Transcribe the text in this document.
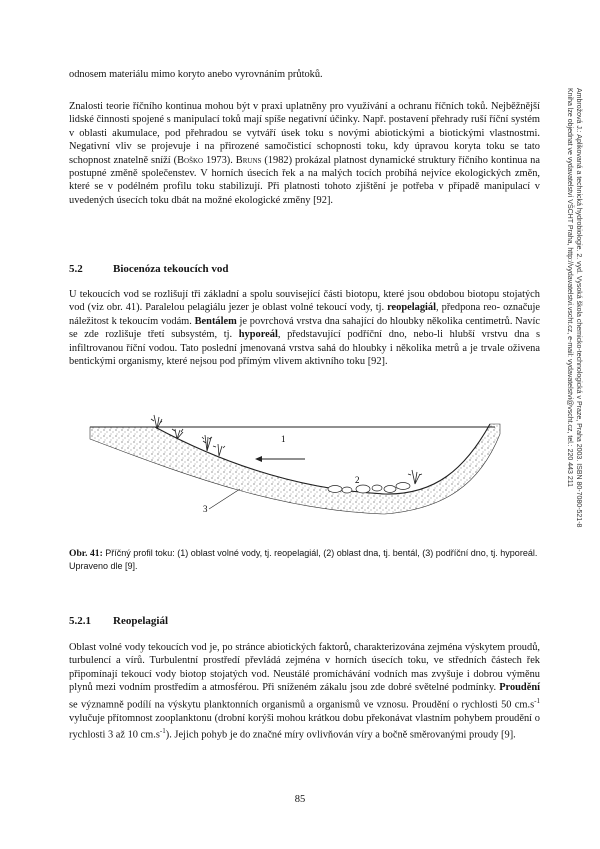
Ambrožová J.: Aplikovaná a technická hydrobiologie. 2. vyd. Vysoká škola chemicko-technologická v Praze, Praha 2003. ISBN 80-7080-521-8
Kniha lze objednat ve vydavatelství VŠCHT Praha, http://vydavatelstvi.vscht.cz, e-mail: vydavatelstvi@vscht.cz, tel.: 220 443 211

odnosem materiálu mimo koryto anebo vyrovnáním průtoků.

Znalosti teorie říčního kontinua mohou být v praxi uplatněny pro využívání a ochranu říčních toků. Nejběžnější lidské činnosti spojené s manipulací toků mají spíše negativní účinky. Např. postavení přehrady ruší říční systém v oblasti akumulace, pod přehradou se vytváří úsek toku s novými abiotickými a biotickými vlastnostmi. Negativní vliv se projevuje i na přirozené samočisticí schopnosti toku, kdy úpravou koryta toku se tato schopnost znatelně sníží (Boško 1973). Bruns (1982) prokázal platnost dynamické struktury říčního kontinua na postupné změně společenstev. V horních úsecích řek a na malých tocích probíhá nejvíce ekologických změn, které se v podélném profilu toku stabilizují. Při platnosti tohoto zjištění je potřeba v případě manipulací v uvedených úsecích toku dbát na možné ekologické změny [92].

5.2	Biocenóza tekoucích vod

U tekoucích vod se rozlišují tři základní a spolu související části biotopu, které jsou obdobou biotopu stojatých vod (viz obr. 41). Paralelou pelagiálu jezer je oblast volné tekoucí vody, tj. reopelagiál, předpona reo- označuje náležitost k tekoucím vodám. Bentálem je povrchová vrstva dna sahající do hloubky několika centimetrů. Navíc se zde rozlišuje třetí subsystém, tj. hyporeál, představující podříční dno, nebo-li hlubší vrstvu dna s infiltrovanou říční vodou. Tato poslední jmenovaná vrstva sahá do hloubky i několika metrů a je trvale oživena bentickými organismy, které nejsou pod přímým vlivem aktivního toku [92].

1
2
3

Obr. 41: Příčný profil toku: (1) oblast volné vody, tj. reopelagiál, (2) oblast dna, tj. bentál, (3) podříční dno, tj. hyporeál. Upraveno dle [9].

5.2.1 Reopelagiál

Oblast volné vody tekoucích vod je, po stránce abiotických faktorů, charakterizována zejména výskytem proudů, turbulencí a vírů. Turbulentní prostředí převládá zejména v horních úsecích toku, ve středních částech řek připomínají tekoucí vody biotop stojatých vod. Neustálé promíchávání vodních mas zvyšuje i dobrou výměnu plynů mezi vodním prostředím a atmosférou. Při sníženém zákalu jsou zde dobré světelné podmínky. Proudění se významně podílí na výskytu planktonních organismů a organismů ve vznosu. Proudění o rychlosti 50 $cm.s^{-1}$ vylučuje přítomnost zooplanktonu (drobní korýši mohou krátkou dobu překonávat vlastním pohybem proudění o rychlosti 3 až 10 $cm.s^{-1}$). Jejich pohyb je do značné míry ovlivňován víry a bočně směrovanými proudy [9].

85
